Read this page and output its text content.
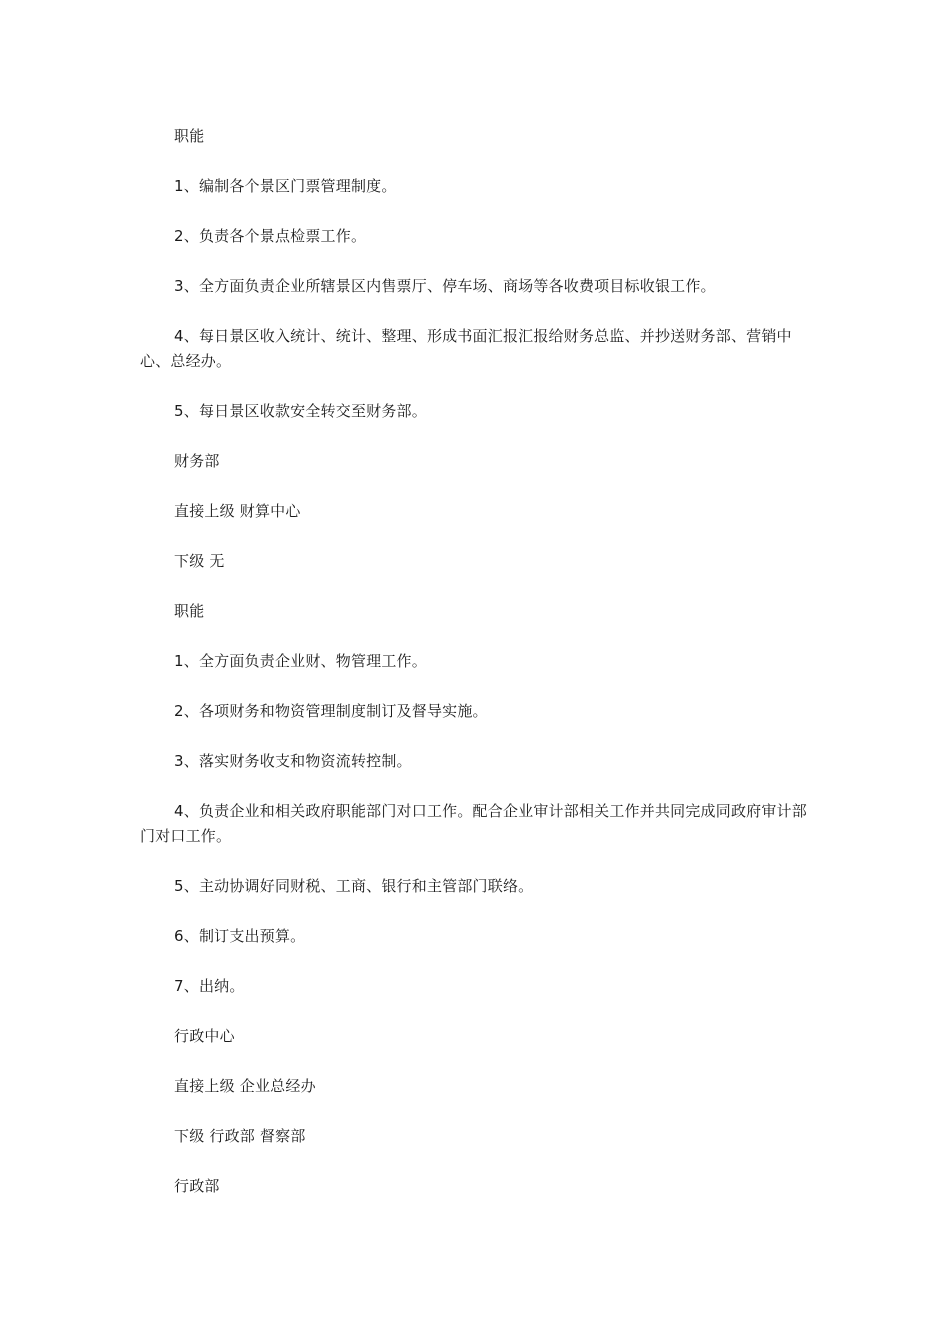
职能

1、编制各个景区门票管理制度。

2、负责各个景点检票工作。

3、全方面负责企业所辖景区内售票厅、停车场、商场等各收费项目标收银工作。

4、每日景区收入统计、统计、整理、形成书面汇报汇报给财务总监、并抄送财务部、营销中心、总经办。

5、每日景区收款安全转交至财务部。

财务部

直接上级 财算中心

下级 无

职能

1、全方面负责企业财、物管理工作。

2、各项财务和物资管理制度制订及督导实施。

3、落实财务收支和物资流转控制。

4、负责企业和相关政府职能部门对口工作。配合企业审计部相关工作并共同完成同政府审计部门对口工作。

5、主动协调好同财税、工商、银行和主管部门联络。

6、制订支出预算。

7、出纳。

行政中心

直接上级 企业总经办

下级 行政部 督察部

行政部
